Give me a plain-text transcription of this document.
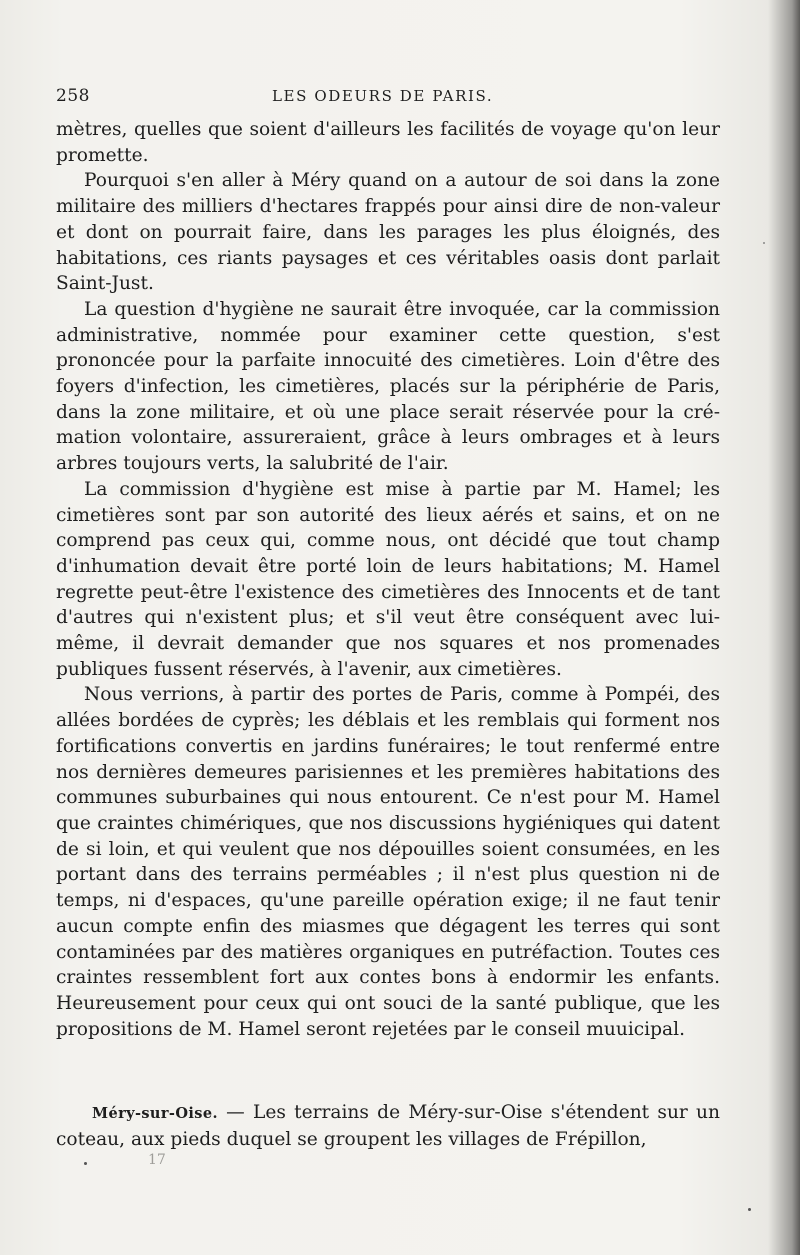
258	LES ODEURS DE PARIS.

mètres, quelles que soient d'ailleurs les facilités de voyage qu'on leur promette.

Pourquoi s'en aller à Méry quand on a autour de soi dans la zone militaire des milliers d'hectares frappés pour ainsi dire de non-valeur et dont on pourrait faire, dans les parages les plus éloignés, des habitations, ces riants paysages et ces véritables oasis dont parlait Saint-Just.

La question d'hygiène ne saurait être invoquée, car la commission administrative, nommée pour examiner cette question, s'est prononcée pour la parfaite innocuité des cimetières. Loin d'être des foyers d'infection, les cimetières, placés sur la périphérie de Paris, dans la zone militaire, et où une place serait réservée pour la crémation volontaire, assureraient, grâce à leurs ombrages et à leurs arbres toujours verts, la salubrité de l'air.

La commission d'hygiène est mise à partie par M. Hamel; les cimetières sont par son autorité des lieux aérés et sains, et on ne comprend pas ceux qui, comme nous, ont décidé que tout champ d'inhumation devait être porté loin de leurs habitations; M. Hamel regrette peut-être l'existence des cimetières des Innocents et de tant d'autres qui n'existent plus; et s'il veut être conséquent avec lui-même, il devrait demander que nos squares et nos promenades publiques fussent réservés, à l'avenir, aux cimetières.

Nous verrions, à partir des portes de Paris, comme à Pompéi, des allées bordées de cyprès; les déblais et les remblais qui forment nos fortifications convertis en jardins funéraires; le tout renfermé entre nos dernières demeures parisiennes et les premières habitations des communes suburbaines qui nous entourent. Ce n'est pour M. Hamel que craintes chimériques, que nos discussions hygiéniques qui datent de si loin, et qui veulent que nos dépouilles soient consumées, en les portant dans des terrains perméables ; il n'est plus question ni de temps, ni d'espaces, qu'une pareille opération exige; il ne faut tenir aucun compte enfin des miasmes que dégagent les terres qui sont contaminées par des matières organiques en putréfaction. Toutes ces craintes ressemblent fort aux contes bons à endormir les enfants. Heureusement pour ceux qui ont souci de la santé publique, que les propositions de M. Hamel seront rejetées par le conseil muuicipal.

Méry-sur-Oise. — Les terrains de Méry-sur-Oise s'étendent sur un coteau, aux pieds duquel se groupent les villages de Frépillon,

17
